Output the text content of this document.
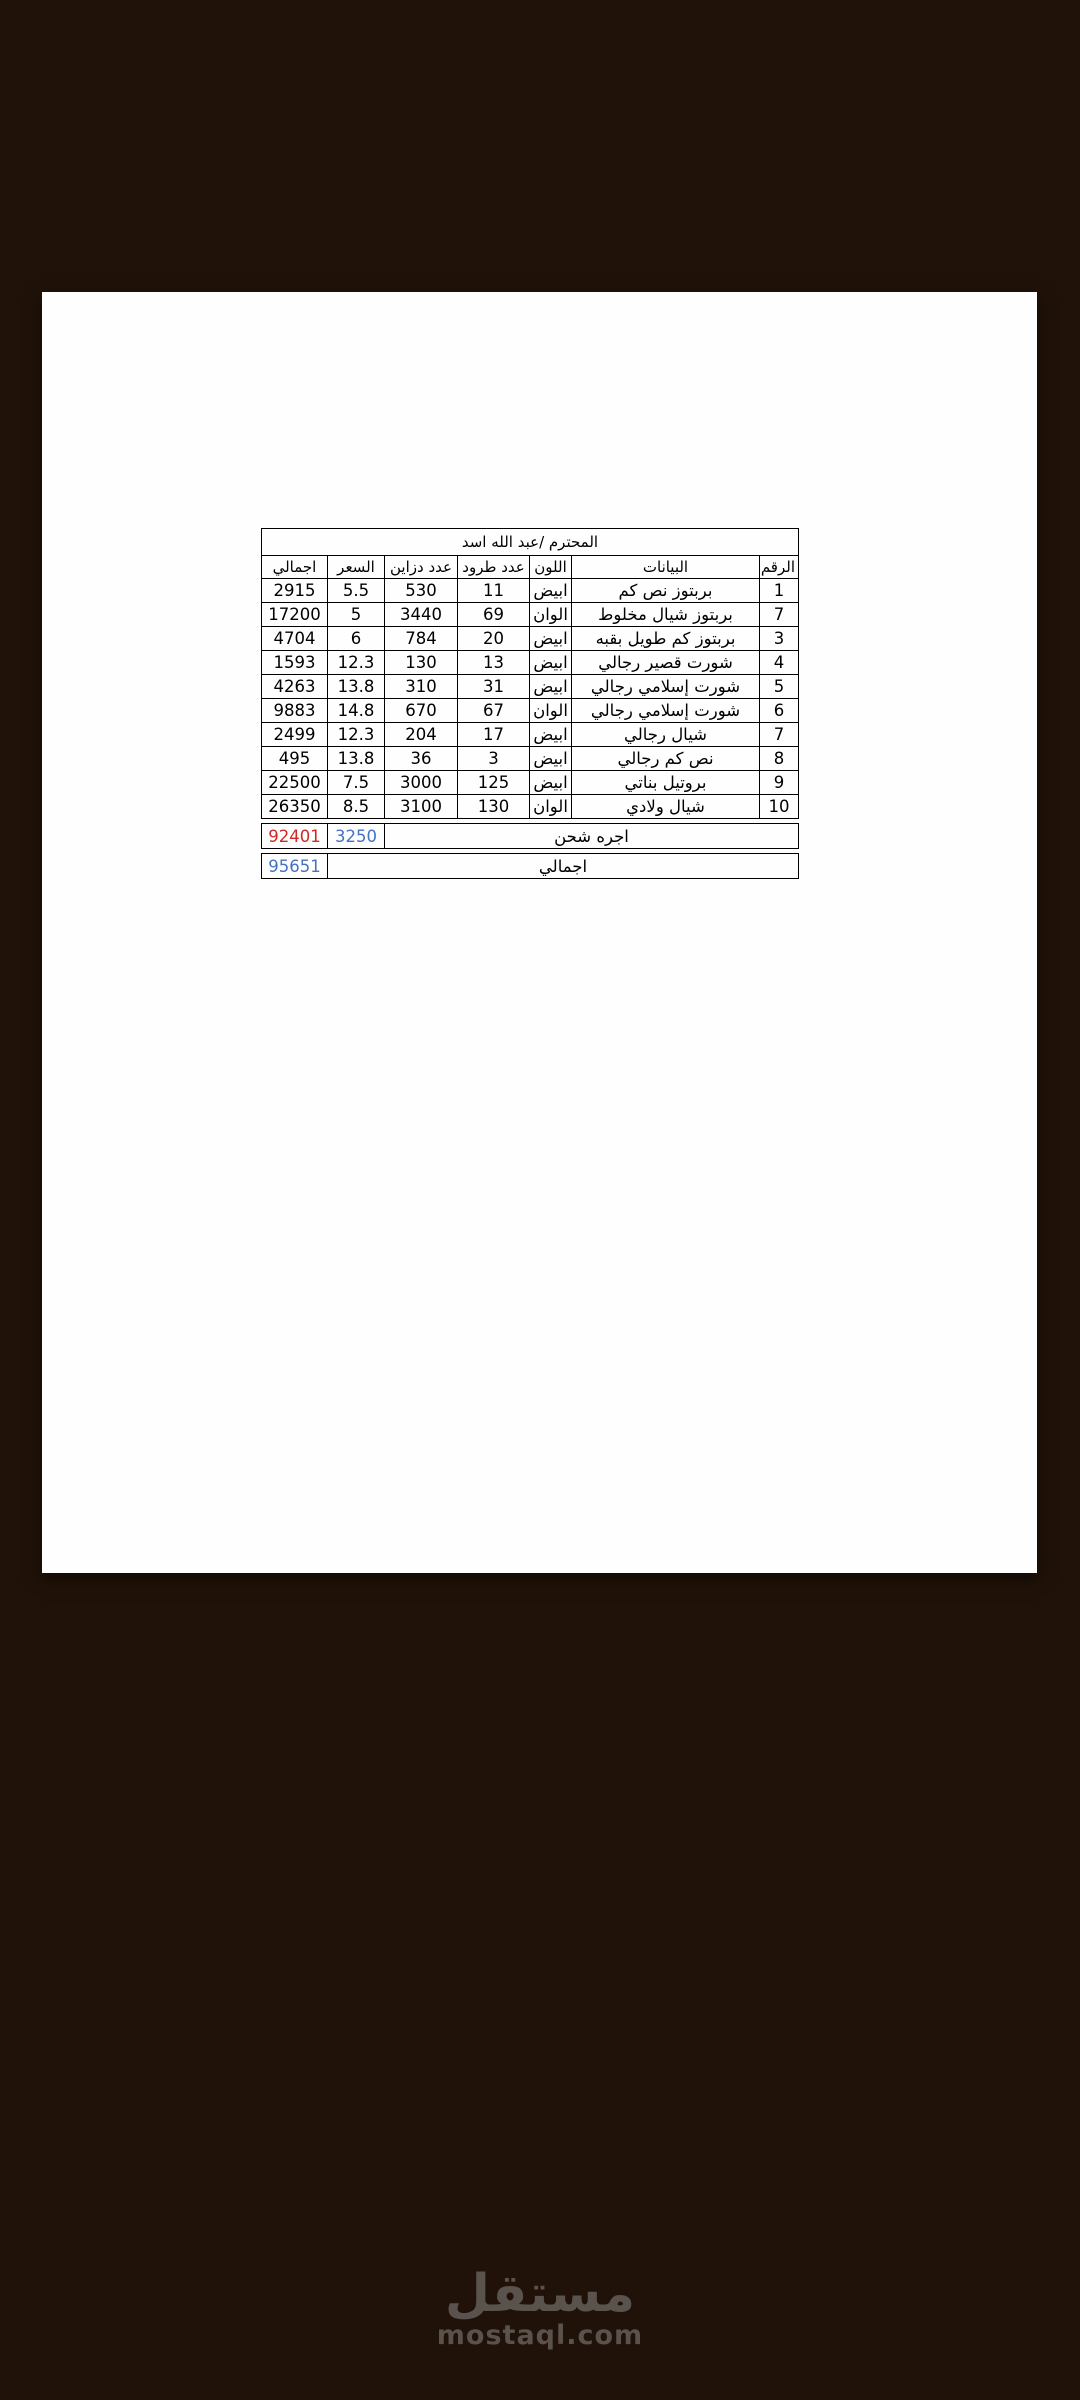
المحترم /عبد الله اسد						
الرقم	البيانات	اللون	عدد طرود	عدد دزاين	السعر	اجمالي
1	بربتوز نص كم	ابيض	11	530	5.5	2915
7	بربتوز شيال مخلوط	الوان	69	3440	5	17200
3	بربتوز كم طويل بقبه	ابيض	20	784	6	4704
4	شورت قصير رجالي	ابيض	13	130	12.3	1593
5	شورت إسلامي رجالي	ابيض	31	310	13.8	4263
6	شورت إسلامي رجالي	الوان	67	670	14.8	9883
7	شيال رجالي	ابيض	17	204	12.3	2499
8	نص كم رجالي	ابيض	3	36	13.8	495
9	بروتيل بناتي	ابيض	125	3000	7.5	22500
10	شيال ولادي	الوان	130	3100	8.5	26350
اجره شحن	3250	92401
اجمالي	95651
مستقل
mostaql.com
